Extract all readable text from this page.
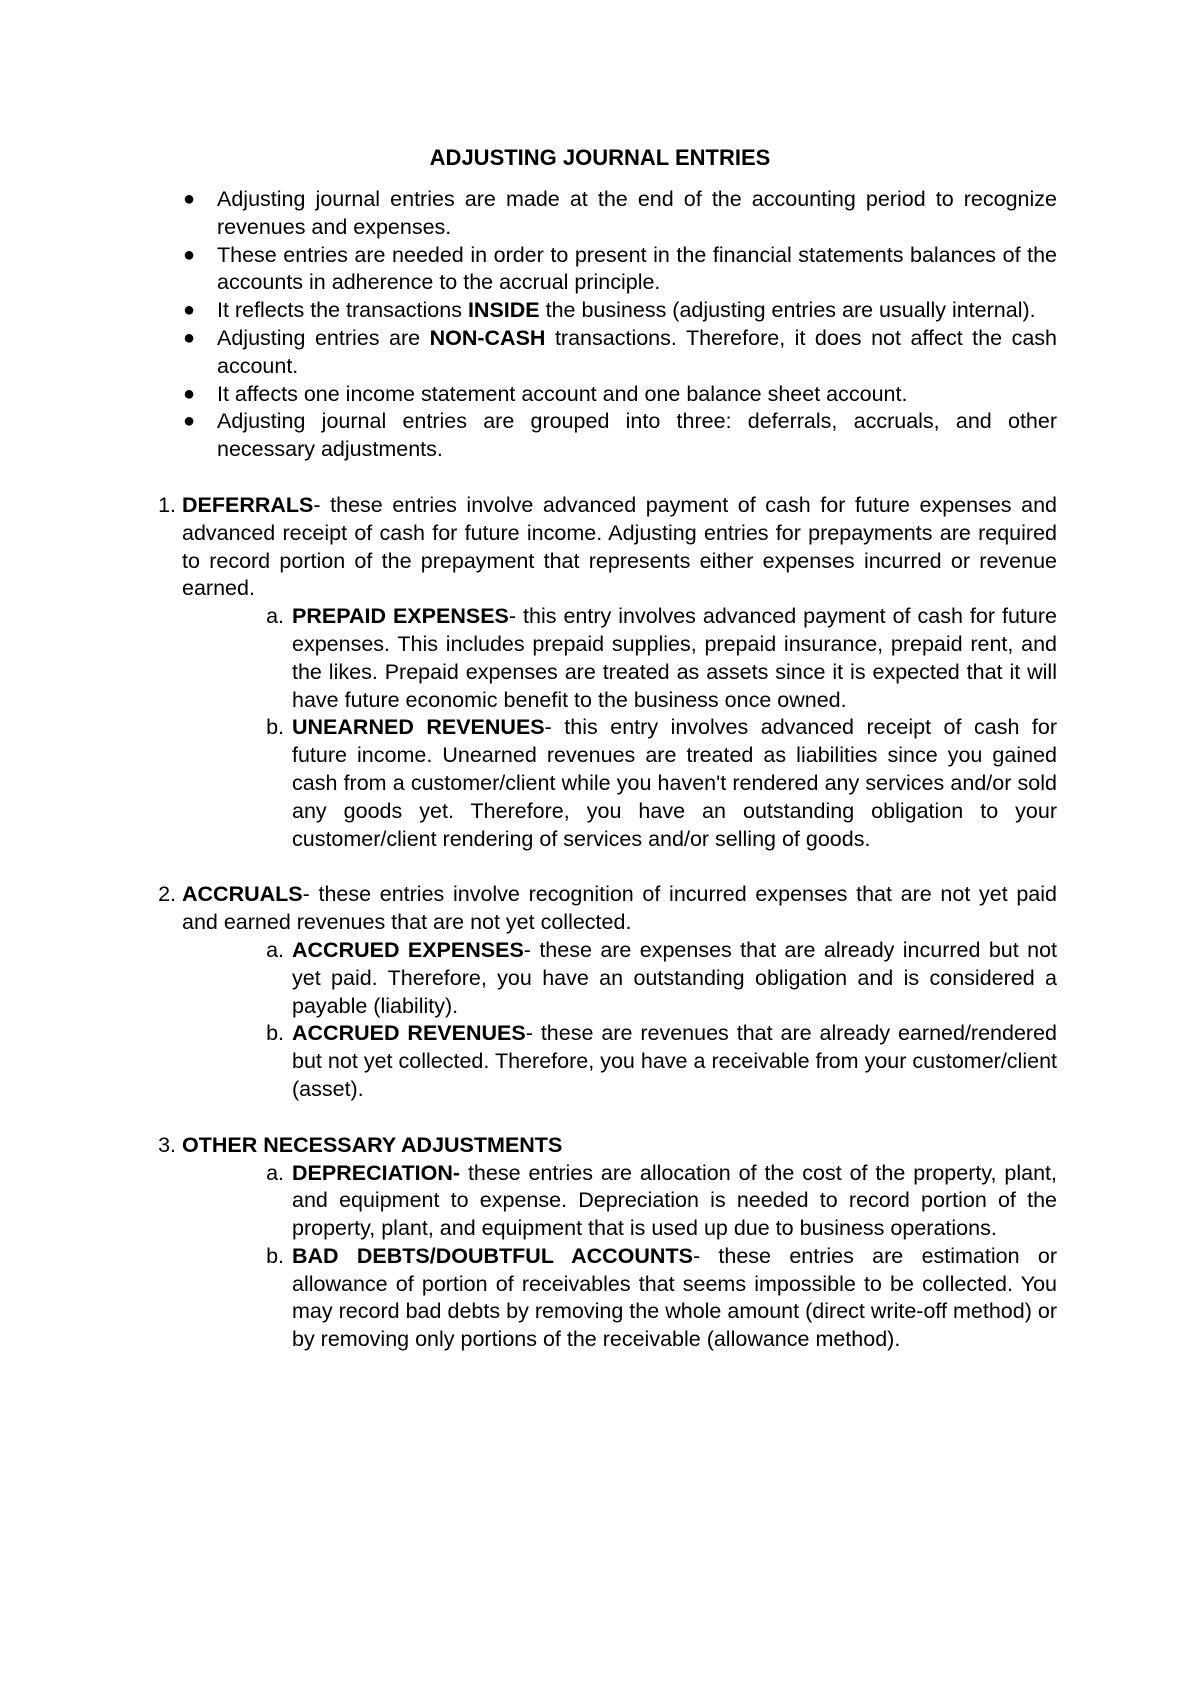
ADJUSTING JOURNAL ENTRIES
● Adjusting journal entries are made at the end of the accounting period to recognize revenues and expenses.
● These entries are needed in order to present in the financial statements balances of the accounts in adherence to the accrual principle.
● It reflects the transactions INSIDE the business (adjusting entries are usually internal).
● Adjusting entries are NON-CASH transactions. Therefore, it does not affect the cash account.
● It affects one income statement account and one balance sheet account.
● Adjusting journal entries are grouped into three: deferrals, accruals, and other necessary adjustments.
1. DEFERRALS- these entries involve advanced payment of cash for future expenses and advanced receipt of cash for future income. Adjusting entries for prepayments are required to record portion of the prepayment that represents either expenses incurred or revenue earned.
a. PREPAID EXPENSES- this entry involves advanced payment of cash for future expenses. This includes prepaid supplies, prepaid insurance, prepaid rent, and the likes. Prepaid expenses are treated as assets since it is expected that it will have future economic benefit to the business once owned.
b. UNEARNED REVENUES- this entry involves advanced receipt of cash for future income. Unearned revenues are treated as liabilities since you gained cash from a customer/client while you haven't rendered any services and/or sold any goods yet. Therefore, you have an outstanding obligation to your customer/client rendering of services and/or selling of goods.
2. ACCRUALS- these entries involve recognition of incurred expenses that are not yet paid and earned revenues that are not yet collected.
a. ACCRUED EXPENSES- these are expenses that are already incurred but not yet paid. Therefore, you have an outstanding obligation and is considered a payable (liability).
b. ACCRUED REVENUES- these are revenues that are already earned/rendered but not yet collected. Therefore, you have a receivable from your customer/client (asset).
3. OTHER NECESSARY ADJUSTMENTS
a. DEPRECIATION- these entries are allocation of the cost of the property, plant, and equipment to expense. Depreciation is needed to record portion of the property, plant, and equipment that is used up due to business operations.
b. BAD DEBTS/DOUBTFUL ACCOUNTS- these entries are estimation or allowance of portion of receivables that seems impossible to be collected. You may record bad debts by removing the whole amount (direct write-off method) or by removing only portions of the receivable (allowance method).
